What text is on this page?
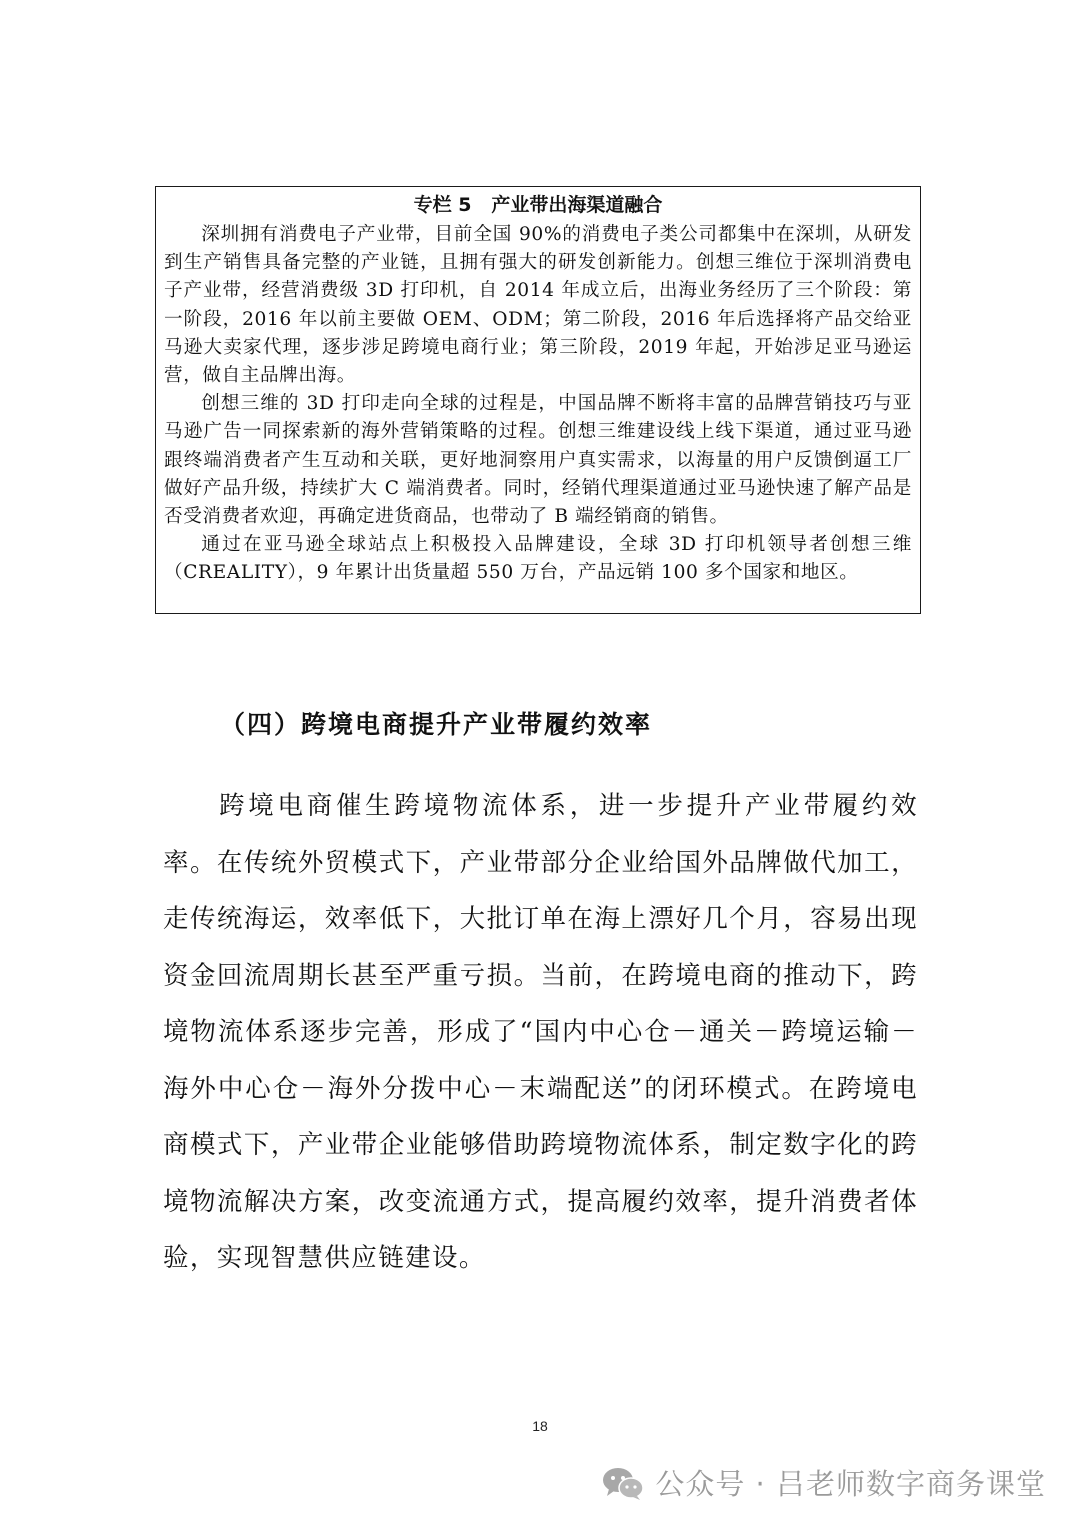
专栏 5   产业带出海渠道融合

深圳拥有消费电子产业带，目前全国 90%的消费电子类公司都集中在深圳，从研发到生产销售具备完整的产业链，且拥有强大的研发创新能力。创想三维位于深圳消费电子产业带，经营消费级 3D 打印机，自 2014 年成立后，出海业务经历了三个阶段：第一阶段，2016 年以前主要做 OEM、ODM；第二阶段，2016 年后选择将产品交给亚马逊大卖家代理，逐步涉足跨境电商行业；第三阶段，2019 年起，开始涉足亚马逊运营，做自主品牌出海。

创想三维的 3D 打印走向全球的过程是，中国品牌不断将丰富的品牌营销技巧与亚马逊广告一同探索新的海外营销策略的过程。创想三维建设线上线下渠道，通过亚马逊跟终端消费者产生互动和关联，更好地洞察用户真实需求，以海量的用户反馈倒逼工厂做好产品升级，持续扩大 C 端消费者。同时，经销代理渠道通过亚马逊快速了解产品是否受消费者欢迎，再确定进货商品，也带动了 B 端经销商的销售。

通过在亚马逊全球站点上积极投入品牌建设，全球 3D 打印机领导者创想三维（CREALITY），9 年累计出货量超 550 万台，产品远销 100 多个国家和地区。

（四）跨境电商提升产业带履约效率

跨境电商催生跨境物流体系，进一步提升产业带履约效率。在传统外贸模式下，产业带部分企业给国外品牌做代加工，走传统海运，效率低下，大批订单在海上漂好几个月，容易出现资金回流周期长甚至严重亏损。当前，在跨境电商的推动下，跨境物流体系逐步完善，形成了“国内中心仓－通关－跨境运输－海外中心仓－海外分拨中心－末端配送”的闭环模式。在跨境电商模式下，产业带企业能够借助跨境物流体系，制定数字化的跨境物流解决方案，改变流通方式，提高履约效率，提升消费者体验，实现智慧供应链建设。

18
公众号 · 吕老师数字商务课堂
